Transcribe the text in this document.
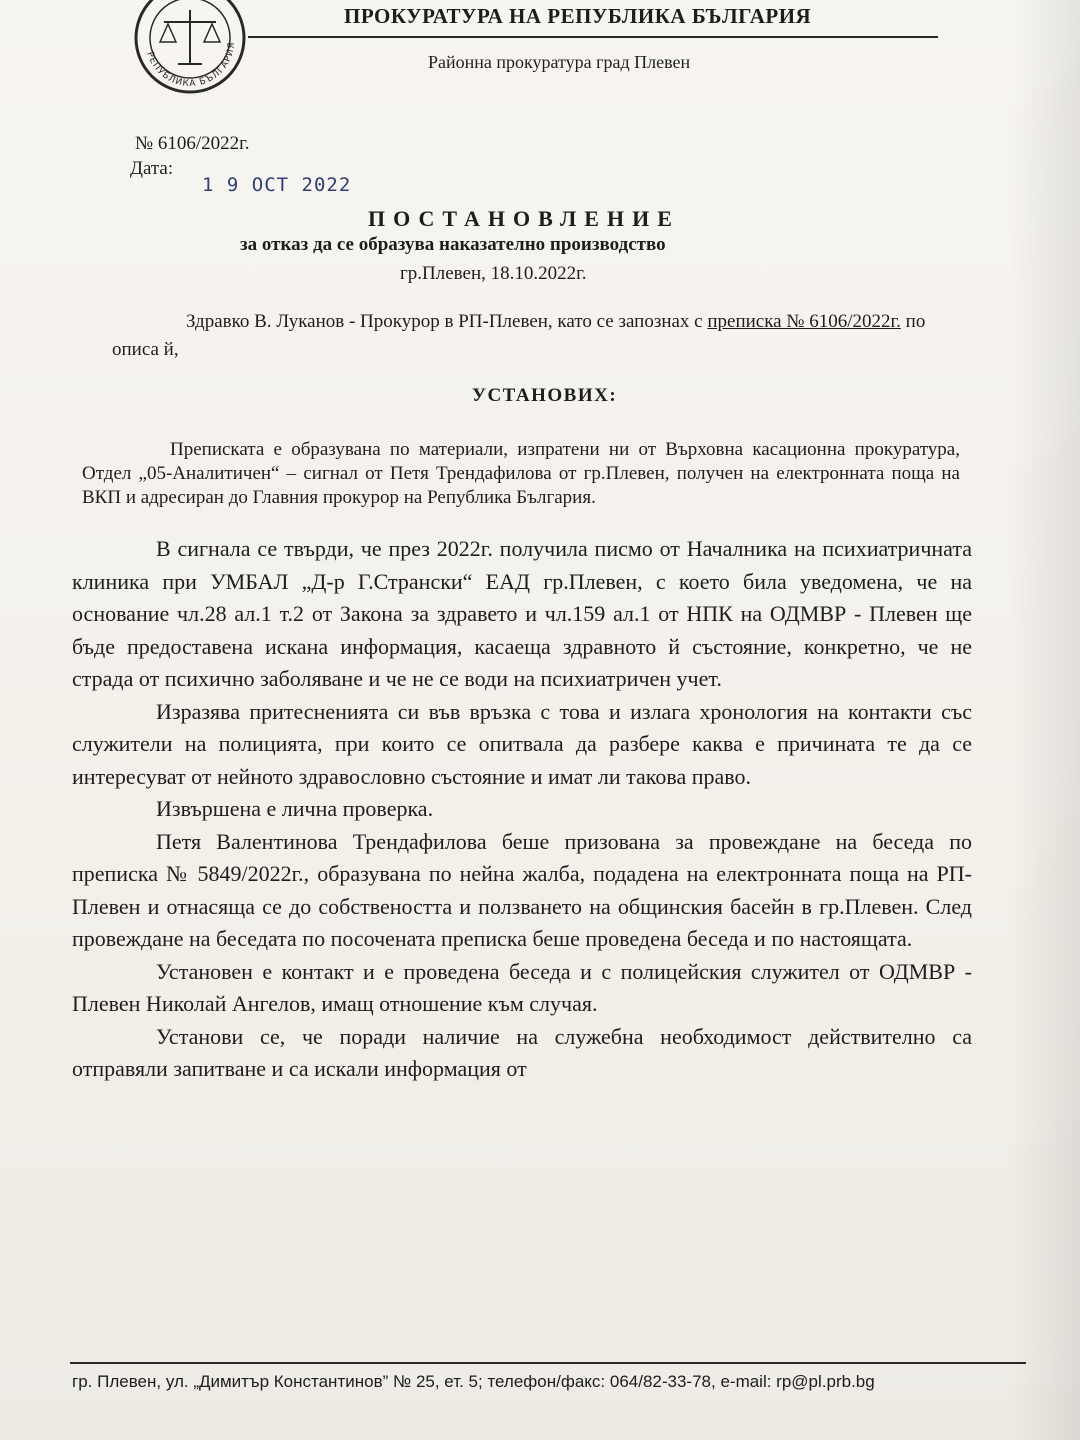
РЕПУБЛИКА БЪЛГАРИЯ
ПРОКУРАТУРА НА РЕПУБЛИКА БЪЛГАРИЯ
Районна прокуратура град Плевен
№ 6106/2022г.
Дата:
1 9 OCT 2022
ПОСТАНОВЛЕНИЕ
за отказ да се образува наказателно производство
гр.Плевен, 18.10.2022г.
Здравко В. Луканов - Прокурор в РП-Плевен, като се запознах с преписка № 6106/2022г. по описа й,
УСТАНОВИХ:
Преписката е образувана по материали, изпратени ни от Върховна касационна прокуратура, Отдел „05-Аналитичен“ – сигнал от Петя Трендафилова от гр.Плевен, получен на електронната поща на ВКП и адресиран до Главния прокурор на Република България.

В сигнала се твърди, че през 2022г. получила писмо от Началника на психиатричната клиника при УМБАЛ „Д-р Г.Странски“ ЕАД гр.Плевен, с което била уведомена, че на основание чл.28 ал.1 т.2 от Закона за здравето и чл.159 ал.1 от НПК на ОДМВР - Плевен ще бъде предоставена искана информация, касаеща здравното й състояние, конкретно, че не страда от психично заболяване и че не се води на психиатричен учет.

Изразява притесненията си във връзка с това и излага хронология на контакти със служители на полицията, при които се опитвала да разбере каква е причината те да се интересуват от нейното здравословно състояние и имат ли такова право.

Извършена е лична проверка.

Петя Валентинова Трендафилова беше призована за провеждане на беседа по преписка № 5849/2022г., образувана по нейна жалба, подадена на електронната поща на РП-Плевен и отнасяща се до собствеността и ползването на общинския басейн в гр.Плевен. След провеждане на беседата по посочената преписка беше проведена беседа и по настоящата.

Установен е контакт и е проведена беседа и с полицейския служител от ОДМВР - Плевен Николай Ангелов, имащ отношение към случая.

Установи се, че поради наличие на служебна необходимост действително са отправяли запитване и са искали информация от

гр. Плевен, ул. „Димитър Константинов” № 25, ет. 5; телефон/факс: 064/82-33-78, e-mail: rp@pl.prb.bg
